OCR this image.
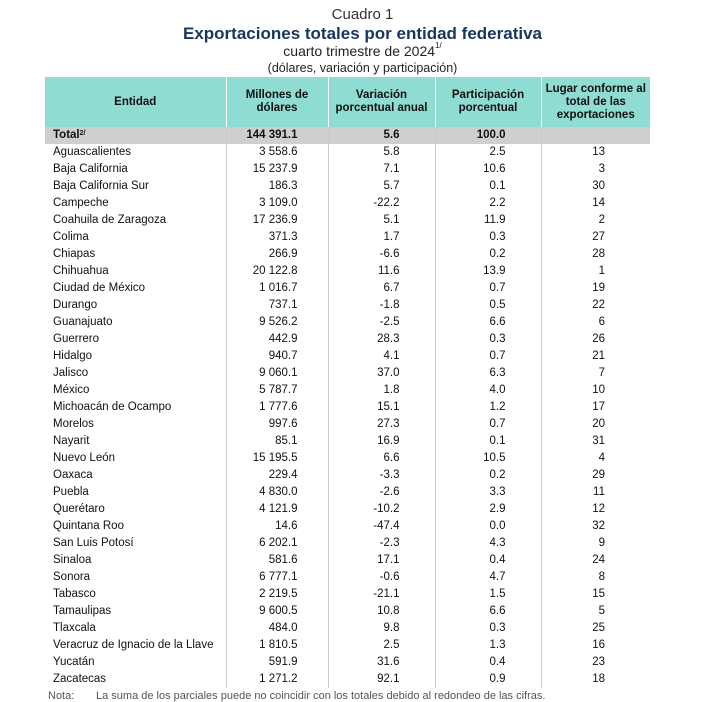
Cuadro 1
Exportaciones totales por entidad federativa
cuarto trimestre de $2024^{1/}$
(dólares, variación y participación)
Entidad	Millones de dólares	Variación porcentual anual	Participación porcentual	Lugar conforme al total de las exportaciones
Total$^{2/}$	144 391.1	5.6	100.0	
Aguascalientes	3 558.6	5.8	2.5	13
Baja California	15 237.9	7.1	10.6	3
Baja California Sur	186.3	5.7	0.1	30
Campeche	3 109.0	-22.2	2.2	14
Coahuila de Zaragoza	17 236.9	5.1	11.9	2
Colima	371.3	1.7	0.3	27
Chiapas	266.9	-6.6	0.2	28
Chihuahua	20 122.8	11.6	13.9	1
Ciudad de México	1 016.7	6.7	0.7	19
Durango	737.1	-1.8	0.5	22
Guanajuato	9 526.2	-2.5	6.6	6
Guerrero	442.9	28.3	0.3	26
Hidalgo	940.7	4.1	0.7	21
Jalisco	9 060.1	37.0	6.3	7
México	5 787.7	1.8	4.0	10
Michoacán de Ocampo	1 777.6	15.1	1.2	17
Morelos	997.6	27.3	0.7	20
Nayarit	85.1	16.9	0.1	31
Nuevo León	15 195.5	6.6	10.5	4
Oaxaca	229.4	-3.3	0.2	29
Puebla	4 830.0	-2.6	3.3	11
Querétaro	4 121.9	-10.2	2.9	12
Quintana Roo	14.6	-47.4	0.0	32
San Luis Potosí	6 202.1	-2.3	4.3	9
Sinaloa	581.6	17.1	0.4	24
Sonora	6 777.1	-0.6	4.7	8
Tabasco	2 219.5	-21.1	1.5	15
Tamaulipas	9 600.5	10.8	6.6	5
Tlaxcala	484.0	9.8	0.3	25
Veracruz de Ignacio de la Llave	1 810.5	2.5	1.3	16
Yucatán	591.9	31.6	0.4	23
Zacatecas	1 271.2	92.1	0.9	18
Nota: La suma de los parciales puede no coincidir con los totales debido al redondeo de las cifras.
